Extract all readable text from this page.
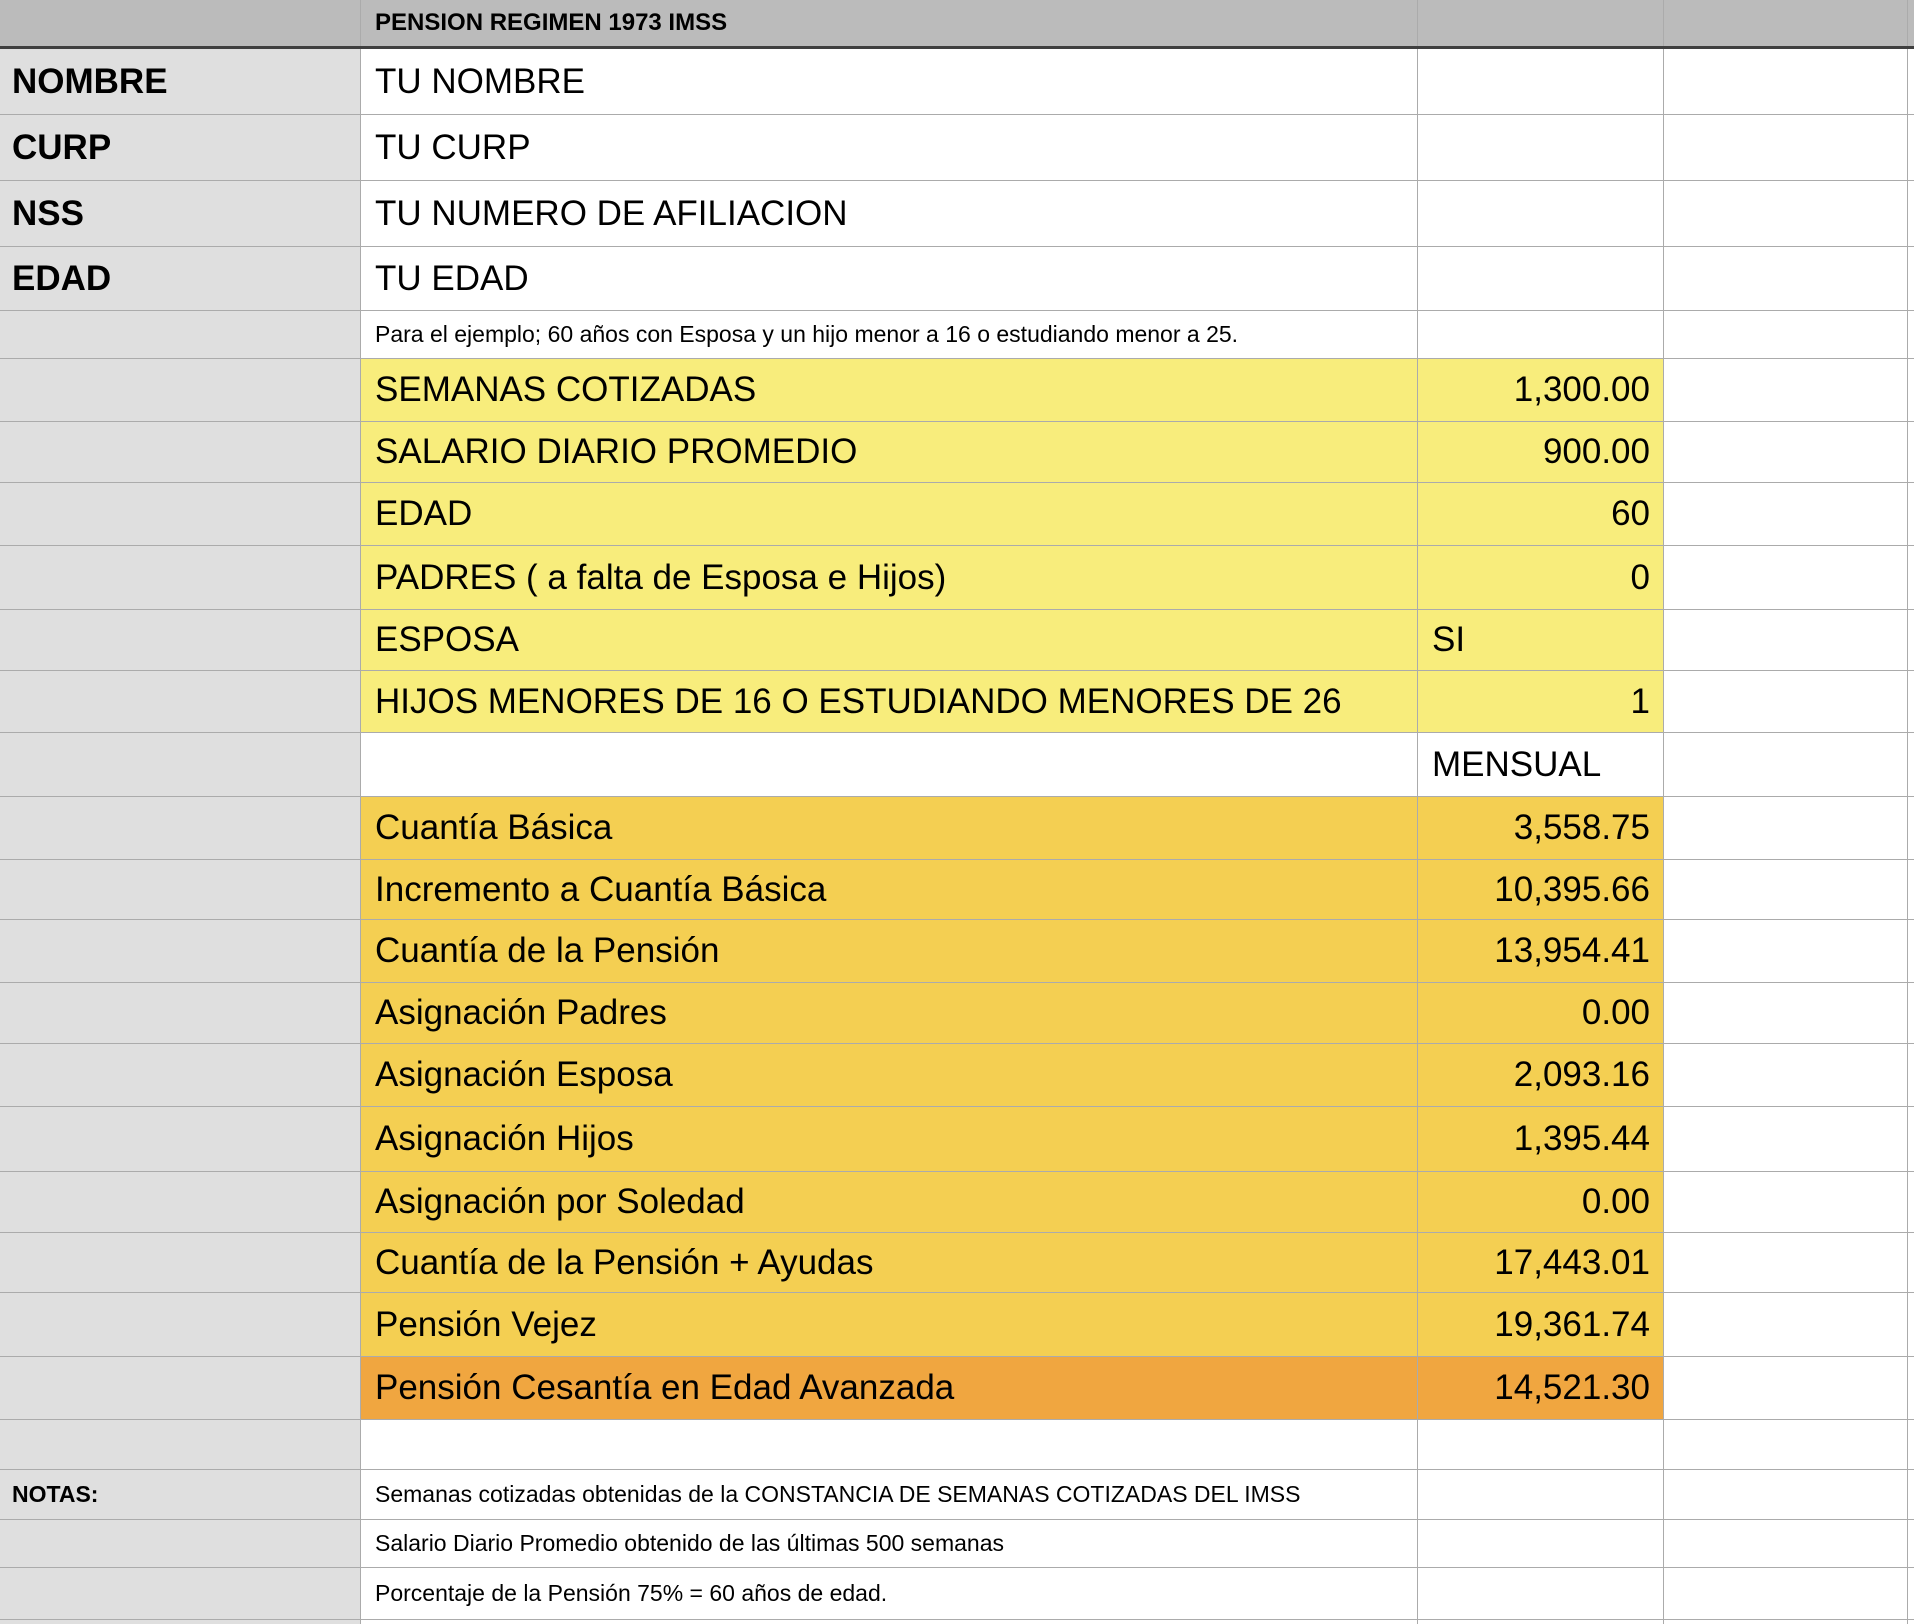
PENSION REGIMEN 1973 IMSS
NOMBRE	TU NOMBRE
CURP	TU CURP
NSS	TU NUMERO DE AFILIACION
EDAD	TU EDAD
Para el ejemplo; 60 años con Esposa y un hijo menor a 16 o estudiando menor a 25.
SEMANAS COTIZADAS	1,300.00
SALARIO DIARIO PROMEDIO	900.00
EDAD	60
PADRES ( a falta de Esposa e Hijos)	0
ESPOSA	SI
HIJOS MENORES DE 16 O ESTUDIANDO MENORES DE 26	1
MENSUAL
Cuantía Básica	3,558.75
Incremento a Cuantía Básica	10,395.66
Cuantía de la Pensión	13,954.41
Asignación Padres	0.00
Asignación Esposa	2,093.16
Asignación Hijos	1,395.44
Asignación por Soledad	0.00
Cuantía de la Pensión + Ayudas	17,443.01
Pensión Vejez	19,361.74
Pensión Cesantía en Edad Avanzada	14,521.30
NOTAS:	Semanas cotizadas obtenidas de la CONSTANCIA DE SEMANAS COTIZADAS DEL IMSS
Salario Diario Promedio obtenido de las últimas 500 semanas
Porcentaje de la Pensión 75% = 60 años de edad.
